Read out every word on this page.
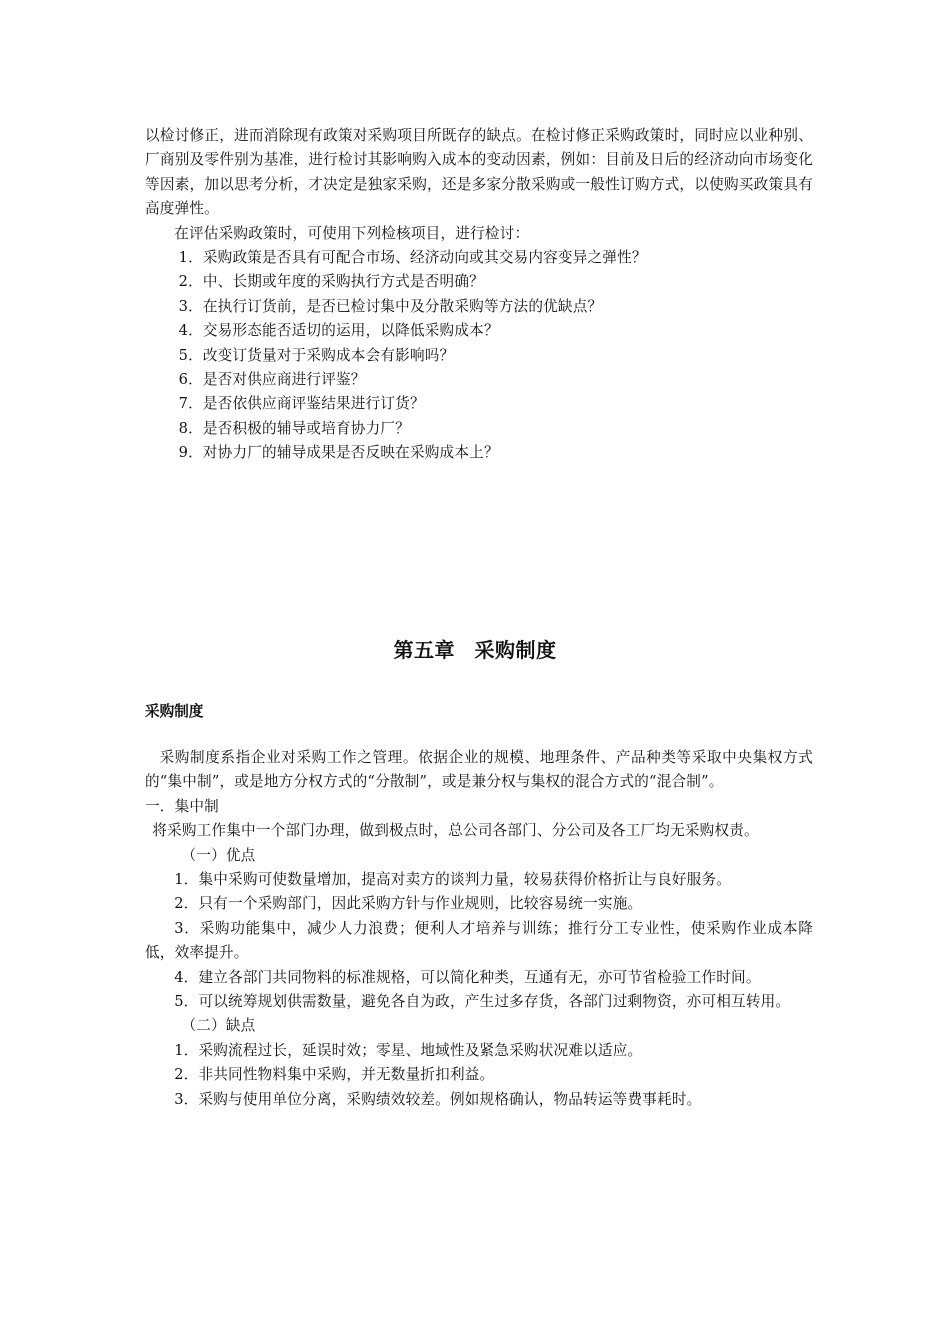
以检讨修正，进而消除现有政策对采购项目所既存的缺点。在检讨修正采购政策时，同时应以业种别、厂商别及零件别为基准，进行检讨其影响购入成本的变动因素，例如：目前及日后的经济动向市场变化等因素，加以思考分析，才决定是独家采购，还是多家分散采购或一般性订购方式，以使购买政策具有高度弹性。

在评估采购政策时，可使用下列检核项目，进行检讨：

1．采购政策是否具有可配合市场、经济动向或其交易内容变异之弹性？

2．中、长期或年度的采购执行方式是否明确？

3．在执行订货前，是否已检讨集中及分散采购等方法的优缺点？

4．交易形态能否适切的运用，以降低采购成本？

5．改变订货量对于采购成本会有影响吗？

6．是否对供应商进行评鉴？

7．是否依供应商评鉴结果进行订货？

8．是否积极的辅导或培育协力厂？

9．对协力厂的辅导成果是否反映在采购成本上？

第五章 采购制度
采购制度

采购制度系指企业对采购工作之管理。依据企业的规模、地理条件、产品种类等采取中央集权方式的“集中制”，或是地方分权方式的“分散制”，或是兼分权与集权的混合方式的“混合制”。

一．集中制

将采购工作集中一个部门办理，做到极点时，总公司各部门、分公司及各工厂均无采购权责。

（一）优点

1．集中采购可使数量增加，提高对卖方的谈判力量，较易获得价格折让与良好服务。

2．只有一个采购部门，因此采购方针与作业规则，比较容易统一实施。

3．采购功能集中，减少人力浪费；便利人才培养与训练；推行分工专业性，使采购作业成本降低，效率提升。

4．建立各部门共同物料的标准规格，可以简化种类，互通有无，亦可节省检验工作时间。

5．可以统筹规划供需数量，避免各自为政，产生过多存货，各部门过剩物资，亦可相互转用。

（二）缺点

1．采购流程过长，延误时效；零星、地域性及紧急采购状况难以适应。

2．非共同性物料集中采购，并无数量折扣利益。

3．采购与使用单位分离，采购绩效较差。例如规格确认，物品转运等费事耗时。
